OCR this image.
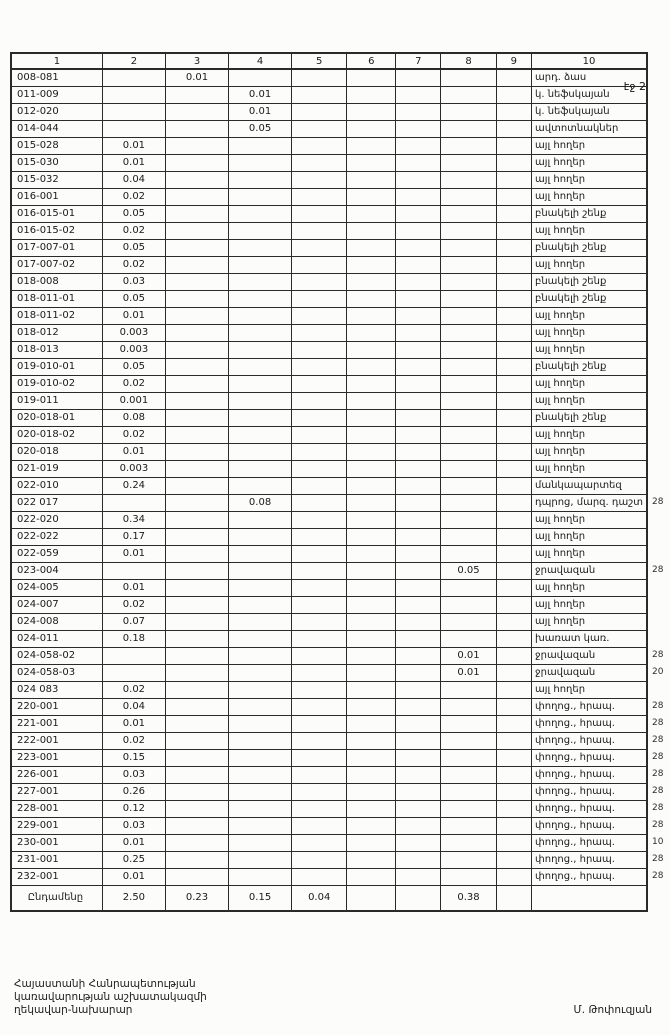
էջ 2
1	2	3	4	5	6	7	8	9	10	
008-081		0.01							արդ. ձաս	
011-009			0.01						կ. նեֆսկայան	
012-020			0.01						կ. նեֆսկայան	
014-044			0.05						ավտոտնակներ	
015-028	0.01								այլ հողեր	
015-030	0.01								այլ հողեր	
015-032	0.04								այլ հողեր	
016-001	0.02								այլ հողեր	
016-015-01	0.05								բնակելի շենք	
016-015-02	0.02								այլ հողեր	
017-007-01	0.05								բնակելի շենք	
017-007-02	0.02								այլ հողեր	
018-008	0.03								բնակելի շենք	
018-011-01	0.05								բնակելի շենք	
018-011-02	0.01								այլ հողեր	
018-012	0.003								այլ հողեր	
018-013	0.003								այլ հողեր	
019-010-01	0.05								բնակելի շենք	
019-010-02	0.02								այլ հողեր	
019-011	0.001								այլ հողեր	
020-018-01	0.08								բնակելի շենք	
020-018-02	0.02								այլ հողեր	
020-018	0.01								այլ հողեր	
021-019	0.003								այլ հողեր	
022-010	0.24								մանկապարտեզ	
022 017			0.08						դպրոց, մարզ. դաշտ	28
022-020	0.34								այլ հողեր	
022-022	0.17								այլ հողեր	
022-059	0.01								այլ հողեր	
023-004							0.05		ջրավազան	28
024-005	0.01								այլ հողեր	
024-007	0.02								այլ հողեր	
024-008	0.07								այլ հողեր	
024-011	0.18								խառատ կառ.	
024-058-02							0.01		ջրավազան	28
024-058-03							0.01		ջրավազան	20
024 083	0.02								այլ հողեր	
220-001	0.04								փողոց., հրապ.	28
221-001	0.01								փողոց., հրապ.	28
222-001	0.02								փողոց., հրապ.	28
223-001	0.15								փողոց., հրապ.	28
226-001	0.03								փողոց., հրապ.	28
227-001	0.26								փողոց., հրապ.	28
228-001	0.12								փողոց., հրապ.	28
229-001	0.03								փողոց., հրապ.	28
230-001	0.01								փողոց., հրապ.	10
231-001	0.25								փողոց., հրապ.	28
232-001	0.01								փողոց., հրապ.	28
Ընդամենը	2.50	0.23	0.15	0.04			0.38			
Հայաստանի Հանրապետության
կառավարության աշխատակազմի
ղեկավար-նախարար	Մ. Թոփուզյան
